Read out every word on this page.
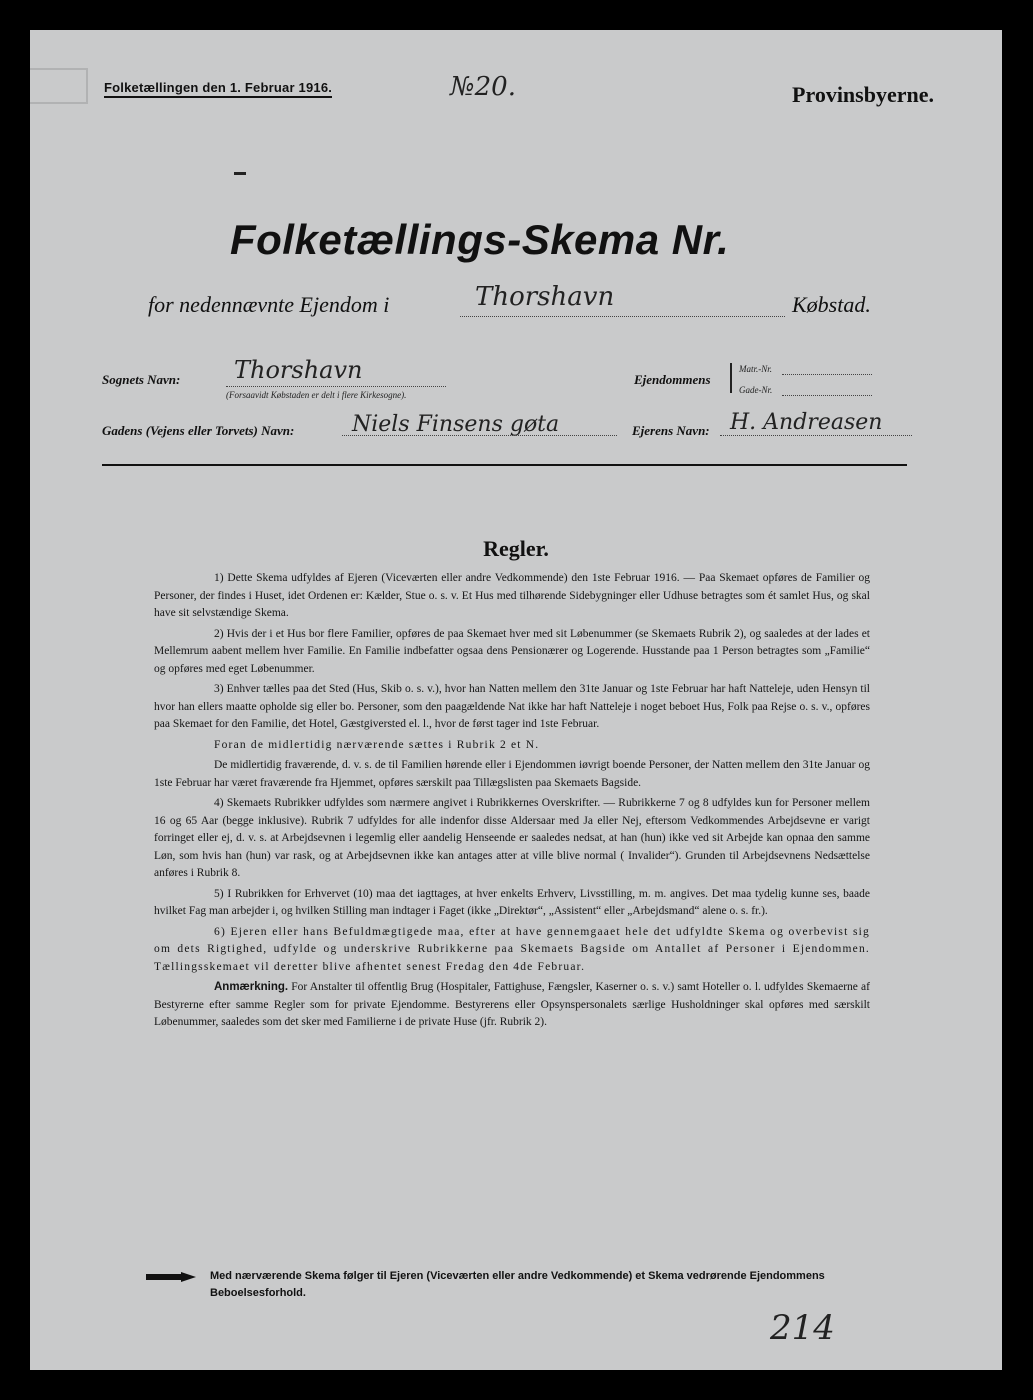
Folketællingen den 1. Februar 1916.	№20.	Provinsbyerne.
Folketællings-Skema Nr.
for nedennævnte Ejendom i	Thorshavn	Købstad.
Sognets Navn: Thorshavn
(Forsaavidt Købstaden er delt i flere Kirkesogne).
Ejendommens
Matr.-Nr.
Gade-Nr.
Gadens (Vejens eller Torvets) Navn:	Niels Finsens gøta	Ejerens Navn: H. Andreasen
Regler.

1) Dette Skema udfyldes af Ejeren (Viceværten eller andre Vedkommende) den 1ste Februar 1916. — Paa Skemaet opføres de Familier og Personer, der findes i Huset, idet Ordenen er: Kælder, Stue o. s. v. Et Hus med tilhørende Sidebygninger eller Udhuse betragtes som ét samlet Hus, og skal have sit selvstændige Skema.

2) Hvis der i et Hus bor flere Familier, opføres de paa Skemaet hver med sit Løbenummer (se Skemaets Rubrik 2), og saaledes at der lades et Mellemrum aabent mellem hver Familie. En Familie indbefatter ogsaa dens Pensionærer og Logerende. Husstande paa 1 Person betragtes som „Familie“ og opføres med eget Løbenummer.

3) Enhver tælles paa det Sted (Hus, Skib o. s. v.), hvor han Natten mellem den 31te Januar og 1ste Februar har haft Natteleje, uden Hensyn til hvor han ellers maatte opholde sig eller bo. Personer, som den paagældende Nat ikke har haft Natteleje i noget beboet Hus, Folk paa Rejse o. s. v., opføres paa Skemaet for den Familie, det Hotel, Gæstgiversted el. l., hvor de først tager ind 1ste Februar.

Foran de midlertidig nærværende sættes i Rubrik 2 et N.

De midlertidig fraværende, d. v. s. de til Familien hørende eller i Ejendommen iøvrigt boende Personer, der Natten mellem den 31te Januar og 1ste Februar har været fraværende fra Hjemmet, opføres særskilt paa Tillægslisten paa Skemaets Bagside.

4) Skemaets Rubrikker udfyldes som nærmere angivet i Rubrikkernes Overskrifter. — Rubrikkerne 7 og 8 udfyldes kun for Personer mellem 16 og 65 Aar (begge inklusive). Rubrik 7 udfyldes for alle indenfor disse Aldersaar med Ja eller Nej, eftersom Vedkommendes Arbejdsevne er varigt forringet eller ej, d. v. s. at Arbejdsevnen i legemlig eller aandelig Henseende er saaledes nedsat, at han (hun) ikke ved sit Arbejde kan opnaa den samme Løn, som hvis han (hun) var rask, og at Arbejdsevnen ikke kan antages atter at ville blive normal ( Invalider“). Grunden til Arbejdsevnens Nedsættelse anføres i Rubrik 8.

5) I Rubrikken for Erhvervet (10) maa det iagttages, at hver enkelts Erhverv, Livsstilling, m. m. angives. Det maa tydelig kunne ses, baade hvilket Fag man arbejder i, og hvilken Stilling man indtager i Faget (ikke „Direktør“, „Assistent“ eller „Arbejdsmand“ alene o. s. fr.).

6) Ejeren eller hans Befuldmægtigede maa, efter at have gennemgaaet hele det udfyldte Skema og overbevist sig om dets Rigtighed, udfylde og underskrive Rubrikkerne paa Skemaets Bagside om Antallet af Personer i Ejendommen. Tællingsskemaet vil deretter blive afhentet senest Fredag den 4de Februar.

Anmærkning. For Anstalter til offentlig Brug (Hospitaler, Fattighuse, Fængsler, Kaserner o. s. v.) samt Hoteller o. l. udfyldes Skemaerne af Bestyrerne efter samme Regler som for private Ejendomme. Bestyrerens eller Opsynspersonalets særlige Husholdninger skal opføres med særskilt Løbenummer, saaledes som det sker med Familierne i de private Huse (jfr. Rubrik 2).

Med nærværende Skema følger til Ejeren (Viceværten eller andre Vedkommende) et Skema vedrørende Ejendommens Beboelsesforhold.
214
